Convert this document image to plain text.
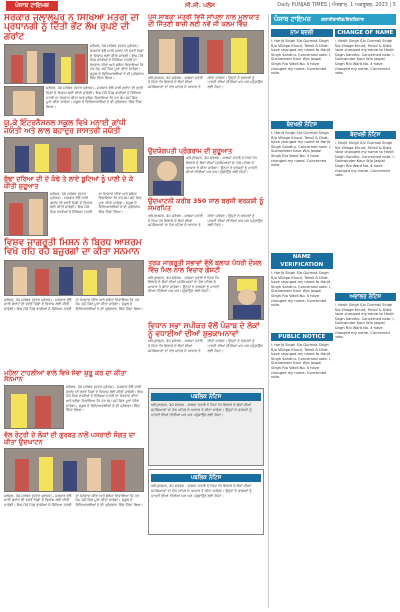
ਪੰਜਾਬ ਟਾਇਮਜ਼	ਸੀ.ਜੀ. ਪਲੱਸ	Daily PUNJAB TIMES | ਐਤਵਾਰ, 1 ਅਕਤੂਬਰ, 2023 | 5
ਸਰਕਾਰ ਜਲਾਲਪੁਰ ਨੇ ਸਿੱਖਿਆ ਮੰਤਰੀ ਦੀ ਪ੍ਰਧਾਨਗੀ ਨੂੰ ਦਿੱਤੀ ਭੇਂਟ ਲੱਖ ਰੁਪਏ ਦੀ ਗਰਾਂਟ
ਜਲੰਧਰ, 30 ਸਤੰਬਰ (ਪੱਤਰ ਪ੍ਰੇਰਕ) - ਸਰਕਾਰ ਵੱਲੋਂ ਜਾਰੀ ਗਰਾਂਟ ਦੀ ਵਰਤੋਂ ਪਿੰਡਾਂ ਦੇ ਵਿਕਾਸ ਲਈ ਕੀਤੀ ਜਾਵੇਗੀ। ਇਸ ਮੌਕੇ ਪਿੰਡ ਵਾਸੀਆਂ ਨੇ ਸਿੱਖਿਆ ਮੰਤਰੀ ਦਾ ਧੰਨਵਾਦ ਕੀਤਾ ਅਤੇ ਭਰੋਸਾ ਦਿਵਾਇਆ ਕਿ ਹਰ ਕੰਮ ਸਮੇਂ ਸਿਰ ਪੂਰਾ ਕੀਤਾ ਜਾਵੇਗਾ। ਸਕੂਲ ਦੇ ਵਿਦਿਆਰਥੀਆਂ ਨੇ ਵੀ ਪ੍ਰੋਗਰਾਮ ਵਿੱਚ ਹਿੱਸਾ ਲਿਆ।
ਜਲੰਧਰ, 30 ਸਤੰਬਰ (ਪੱਤਰ ਪ੍ਰੇਰਕ) - ਸਰਕਾਰ ਵੱਲੋਂ ਜਾਰੀ ਗਰਾਂਟ ਦੀ ਵਰਤੋਂ ਪਿੰਡਾਂ ਦੇ ਵਿਕਾਸ ਲਈ ਕੀਤੀ ਜਾਵੇਗੀ। ਇਸ ਮੌਕੇ ਪਿੰਡ ਵਾਸੀਆਂ ਨੇ ਸਿੱਖਿਆ ਮੰਤਰੀ ਦਾ ਧੰਨਵਾਦ ਕੀਤਾ ਅਤੇ ਭਰੋਸਾ ਦਿਵਾਇਆ ਕਿ ਹਰ ਕੰਮ ਸਮੇਂ ਸਿਰ ਪੂਰਾ ਕੀਤਾ ਜਾਵੇਗਾ। ਸਕੂਲ ਦੇ ਵਿਦਿਆਰਥੀਆਂ ਨੇ ਵੀ ਪ੍ਰੋਗਰਾਮ ਵਿੱਚ ਹਿੱਸਾ ਲਿਆ।
ਯੂ.ਕੇ ਇੰਟਰਨੈਸ਼ਨਲ ਸਕੂਲ ਵਿਖੇ ਮਨਾਈ ਗਾਂਧੀ ਜਯੰਤੀ ਅਤੇ ਲਾਲ ਬਹਾਦੁਰ ਸ਼ਾਸਤਰੀ ਜਯੰਤੀ
ਬੁੱਢਾ ਦਰਿਆ ਦੀ ਦੇ ਕੰਢੇ ਤੇ ਲਾਏ ਬੂਟਿਆਂ ਨੂੰ ਪਾਣੀ ਦੇ ਕੇ ਕੀਤੀ ਸ਼ੁਰੂਆਤ
ਜਲੰਧਰ, 30 ਸਤੰਬਰ (ਪੱਤਰ ਪ੍ਰੇਰਕ) - ਸਰਕਾਰ ਵੱਲੋਂ ਜਾਰੀ ਗਰਾਂਟ ਦੀ ਵਰਤੋਂ ਪਿੰਡਾਂ ਦੇ ਵਿਕਾਸ ਲਈ ਕੀਤੀ ਜਾਵੇਗੀ। ਇਸ ਮੌਕੇ ਪਿੰਡ ਵਾਸੀਆਂ ਨੇ ਸਿੱਖਿਆ ਮੰਤਰੀ ਦਾ ਧੰਨਵਾਦ ਕੀਤਾ ਅਤੇ ਭਰੋਸਾ ਦਿਵਾਇਆ ਕਿ ਹਰ ਕੰਮ ਸਮੇਂ ਸਿਰ ਪੂਰਾ ਕੀਤਾ ਜਾਵੇਗਾ। ਸਕੂਲ ਦੇ ਵਿਦਿਆਰਥੀਆਂ ਨੇ ਵੀ ਪ੍ਰੋਗਰਾਮ ਵਿੱਚ ਹਿੱਸਾ ਲਿਆ।
ਵਿਸ਼ਵ ਜਾਗਰੂਤੀ ਮਿਸ਼ਨ ਨੇ ਬਿਰਧ ਆਸ਼ਰਮ ਵਿਖੇ ਰਹਿ ਰਹੇ ਬਜ਼ੁਰਗਾਂ ਦਾ ਕੀਤਾ ਸਨਮਾਨ
ਜਲੰਧਰ, 30 ਸਤੰਬਰ (ਪੱਤਰ ਪ੍ਰੇਰਕ) - ਸਰਕਾਰ ਵੱਲੋਂ ਜਾਰੀ ਗਰਾਂਟ ਦੀ ਵਰਤੋਂ ਪਿੰਡਾਂ ਦੇ ਵਿਕਾਸ ਲਈ ਕੀਤੀ ਜਾਵੇਗੀ। ਇਸ ਮੌਕੇ ਪਿੰਡ ਵਾਸੀਆਂ ਨੇ ਸਿੱਖਿਆ ਮੰਤਰੀ ਦਾ ਧੰਨਵਾਦ ਕੀਤਾ ਅਤੇ ਭਰੋਸਾ ਦਿਵਾਇਆ ਕਿ ਹਰ ਕੰਮ ਸਮੇਂ ਸਿਰ ਪੂਰਾ ਕੀਤਾ ਜਾਵੇਗਾ। ਸਕੂਲ ਦੇ ਵਿਦਿਆਰਥੀਆਂ ਨੇ ਵੀ ਪ੍ਰੋਗਰਾਮ ਵਿੱਚ ਹਿੱਸਾ ਲਿਆ।
ਮੁਹੱਲਾ ਟਾਹਲੀਆਂ ਵਾਲੇ ਵਿਖੇ ਸੇਵਾ ਸ਼ੁਰੂ ਕਰ ਦਾ ਕੀਤਾ ਸਨਮਾਨ
ਜਲੰਧਰ, 30 ਸਤੰਬਰ (ਪੱਤਰ ਪ੍ਰੇਰਕ) - ਸਰਕਾਰ ਵੱਲੋਂ ਜਾਰੀ ਗਰਾਂਟ ਦੀ ਵਰਤੋਂ ਪਿੰਡਾਂ ਦੇ ਵਿਕਾਸ ਲਈ ਕੀਤੀ ਜਾਵੇਗੀ। ਇਸ ਮੌਕੇ ਪਿੰਡ ਵਾਸੀਆਂ ਨੇ ਸਿੱਖਿਆ ਮੰਤਰੀ ਦਾ ਧੰਨਵਾਦ ਕੀਤਾ ਅਤੇ ਭਰੋਸਾ ਦਿਵਾਇਆ ਕਿ ਹਰ ਕੰਮ ਸਮੇਂ ਸਿਰ ਪੂਰਾ ਕੀਤਾ ਜਾਵੇਗਾ। ਸਕੂਲ ਦੇ ਵਿਦਿਆਰਥੀਆਂ ਨੇ ਵੀ ਪ੍ਰੋਗਰਾਮ ਵਿੱਚ ਹਿੱਸਾ ਲਿਆ।
ਵੱਲ ਰੋਟਰੀ ਦੇ ਲੋਕਾਂ ਦੀ ਗੁਰਬਤ ਨਾਲੋਂ ਪਸਰਾਈ ਸੰਗਤ ਦਾ ਕੀਤਾ ਉਦਘਾਟਨ
ਜਲੰਧਰ, 30 ਸਤੰਬਰ (ਪੱਤਰ ਪ੍ਰੇਰਕ) - ਸਰਕਾਰ ਵੱਲੋਂ ਜਾਰੀ ਗਰਾਂਟ ਦੀ ਵਰਤੋਂ ਪਿੰਡਾਂ ਦੇ ਵਿਕਾਸ ਲਈ ਕੀਤੀ ਜਾਵੇਗੀ। ਇਸ ਮੌਕੇ ਪਿੰਡ ਵਾਸੀਆਂ ਨੇ ਸਿੱਖਿਆ ਮੰਤਰੀ ਦਾ ਧੰਨਵਾਦ ਕੀਤਾ ਅਤੇ ਭਰੋਸਾ ਦਿਵਾਇਆ ਕਿ ਹਰ ਕੰਮ ਸਮੇਂ ਸਿਰ ਪੂਰਾ ਕੀਤਾ ਜਾਵੇਗਾ। ਸਕੂਲ ਦੇ ਵਿਦਿਆਰਥੀਆਂ ਨੇ ਵੀ ਪ੍ਰੋਗਰਾਮ ਵਿੱਚ ਹਿੱਸਾ ਲਿਆ।
ਪੁੱਜੇ ਸਾਬਕਾ ਮੰਤਰੀ ਵਿਜੈ ਸਾਂਪਲਾ ਨਾਲ ਮੁਲਾਕਾਤ ਦੀ ਜਿੱਤਣੀ ਬਾਜ਼ੀ ਲਈ ਨਵੇਂ ਜੀ ਕਲਮ ਵਿੱਚ
ਅੰਮ੍ਰਿਤਸਰ, 30 ਸਤੰਬਰ - ਸਾਬਕਾ ਮੰਤਰੀ ਨੇ ਕਿਹਾ ਕਿ ਇਲਾਕੇ ਦੇ ਲੋਕਾਂ ਦੀਆਂ ਸਮੱਸਿਆਵਾਂ ਦਾ ਹੱਲ ਪਹਿਲ ਦੇ ਆਧਾਰ ਤੇ ਕੀਤਾ ਜਾਵੇਗਾ। ਉਨ੍ਹਾਂ ਨੇ ਵਰਕਰਾਂ ਨੂੰ ਪਾਰਟੀ ਦੀਆਂ ਨੀਤੀਆਂ ਘਰ ਘਰ ਪਹੁੰਚਾਉਣ ਲਈ ਕਿਹਾ।
ਉਦਯੋਗਪਤੀ ਪ੍ਰੋਗਰਾਮ ਦੀ ਸ਼ੁਰੂਆਤ
ਅੰਮ੍ਰਿਤਸਰ, 30 ਸਤੰਬਰ - ਸਾਬਕਾ ਮੰਤਰੀ ਨੇ ਕਿਹਾ ਕਿ ਇਲਾਕੇ ਦੇ ਲੋਕਾਂ ਦੀਆਂ ਸਮੱਸਿਆਵਾਂ ਦਾ ਹੱਲ ਪਹਿਲ ਦੇ ਆਧਾਰ ਤੇ ਕੀਤਾ ਜਾਵੇਗਾ। ਉਨ੍ਹਾਂ ਨੇ ਵਰਕਰਾਂ ਨੂੰ ਪਾਰਟੀ ਦੀਆਂ ਨੀਤੀਆਂ ਘਰ ਘਰ ਪਹੁੰਚਾਉਣ ਲਈ ਕਿਹਾ।
ਉਦਘਾਟਨੀ ਕਰੀਬ 350 ਸਾਲ ਬਰਸੀ ਵਰਕਸ਼ੀ ਨੂੰ ਸਮਰਪਿਤ
ਅੰਮ੍ਰਿਤਸਰ, 30 ਸਤੰਬਰ - ਸਾਬਕਾ ਮੰਤਰੀ ਨੇ ਕਿਹਾ ਕਿ ਇਲਾਕੇ ਦੇ ਲੋਕਾਂ ਦੀਆਂ ਸਮੱਸਿਆਵਾਂ ਦਾ ਹੱਲ ਪਹਿਲ ਦੇ ਆਧਾਰ ਤੇ ਕੀਤਾ ਜਾਵੇਗਾ। ਉਨ੍ਹਾਂ ਨੇ ਵਰਕਰਾਂ ਨੂੰ ਪਾਰਟੀ ਦੀਆਂ ਨੀਤੀਆਂ ਘਰ ਘਰ ਪਹੁੰਚਾਉਣ ਲਈ ਕਿਹਾ।
ਤਰਕ ਜਾਗਰੂਤੀ ਸਭਾਵਾਂ ਵੱਲੋਂ ਬਲਾਕ ਪੱਧਰੀ ਦੋਸ਼ਲ ਵਿੱਚ ਮਿਲ ਨਾਲ ਵਿਚਾਰ ਗੋਸ਼ਟੀ
ਅੰਮ੍ਰਿਤਸਰ, 30 ਸਤੰਬਰ - ਸਾਬਕਾ ਮੰਤਰੀ ਨੇ ਕਿਹਾ ਕਿ ਇਲਾਕੇ ਦੇ ਲੋਕਾਂ ਦੀਆਂ ਸਮੱਸਿਆਵਾਂ ਦਾ ਹੱਲ ਪਹਿਲ ਦੇ ਆਧਾਰ ਤੇ ਕੀਤਾ ਜਾਵੇਗਾ। ਉਨ੍ਹਾਂ ਨੇ ਵਰਕਰਾਂ ਨੂੰ ਪਾਰਟੀ ਦੀਆਂ ਨੀਤੀਆਂ ਘਰ ਘਰ ਪਹੁੰਚਾਉਣ ਲਈ ਕਿਹਾ।
ਵਿਧਾਨ ਸਭਾ ਸਪੀਕਰ ਵੱਲੋਂ ਪੰਜਾਬ ਦੇ ਲੋਕਾਂ ਨੂੰ ਵਧਾਈਆਂ ਦੀਆਂ ਸ਼ੁਭਕਾਮਨਾਵਾਂ
ਅੰਮ੍ਰਿਤਸਰ, 30 ਸਤੰਬਰ - ਸਾਬਕਾ ਮੰਤਰੀ ਨੇ ਕਿਹਾ ਕਿ ਇਲਾਕੇ ਦੇ ਲੋਕਾਂ ਦੀਆਂ ਸਮੱਸਿਆਵਾਂ ਦਾ ਹੱਲ ਪਹਿਲ ਦੇ ਆਧਾਰ ਤੇ ਕੀਤਾ ਜਾਵੇਗਾ। ਉਨ੍ਹਾਂ ਨੇ ਵਰਕਰਾਂ ਨੂੰ ਪਾਰਟੀ ਦੀਆਂ ਨੀਤੀਆਂ ਘਰ ਘਰ ਪਹੁੰਚਾਉਣ ਲਈ ਕਿਹਾ।
ਪਬਲਿਕ ਨੋਟਿਸ
ਅੰਮ੍ਰਿਤਸਰ, 30 ਸਤੰਬਰ - ਸਾਬਕਾ ਮੰਤਰੀ ਨੇ ਕਿਹਾ ਕਿ ਇਲਾਕੇ ਦੇ ਲੋਕਾਂ ਦੀਆਂ ਸਮੱਸਿਆਵਾਂ ਦਾ ਹੱਲ ਪਹਿਲ ਦੇ ਆਧਾਰ ਤੇ ਕੀਤਾ ਜਾਵੇਗਾ। ਉਨ੍ਹਾਂ ਨੇ ਵਰਕਰਾਂ ਨੂੰ ਪਾਰਟੀ ਦੀਆਂ ਨੀਤੀਆਂ ਘਰ ਘਰ ਪਹੁੰਚਾਉਣ ਲਈ ਕਿਹਾ।
ਪਬਲਿਕ ਨੋਟਿਸ
ਅੰਮ੍ਰਿਤਸਰ, 30 ਸਤੰਬਰ - ਸਾਬਕਾ ਮੰਤਰੀ ਨੇ ਕਿਹਾ ਕਿ ਇਲਾਕੇ ਦੇ ਲੋਕਾਂ ਦੀਆਂ ਸਮੱਸਿਆਵਾਂ ਦਾ ਹੱਲ ਪਹਿਲ ਦੇ ਆਧਾਰ ਤੇ ਕੀਤਾ ਜਾਵੇਗਾ। ਉਨ੍ਹਾਂ ਨੇ ਵਰਕਰਾਂ ਨੂੰ ਪਾਰਟੀ ਦੀਆਂ ਨੀਤੀਆਂ ਘਰ ਘਰ ਪਹੁੰਚਾਉਣ ਲਈ ਕਿਹਾ।
ਪੰਜਾਬ ਟਾਇਮਜ਼ ਕਲਾਸੀਫਾਈਡ/ਇਸ਼ਤਿਹਾਰ
ਨਾਮ ਬਦਲੀ
I, Harjit Singh S/o Gurmail Singh R/o Village Khurd, Tehsil & Distt. have changed my name to Harjit Singh Sandhu. Concerned note. I, Sukhwinder Kaur W/o Jaspal Singh R/o Ward No. 4 have changed my name. Concerned note.
ਬੇਦਖਲੀ ਨੋਟਿਸ
I, Harjit Singh S/o Gurmail Singh R/o Village Khurd, Tehsil & Distt. have changed my name to Harjit Singh Sandhu. Concerned note. I, Sukhwinder Kaur W/o Jaspal Singh R/o Ward No. 4 have changed my name. Concerned note.
NAME VERIFICATION
I, Harjit Singh S/o Gurmail Singh R/o Village Khurd, Tehsil & Distt. have changed my name to Harjit Singh Sandhu. Concerned note. I, Sukhwinder Kaur W/o Jaspal Singh R/o Ward No. 4 have changed my name. Concerned note.
PUBLIC NOTICE
I, Harjit Singh S/o Gurmail Singh R/o Village Khurd, Tehsil & Distt. have changed my name to Harjit Singh Sandhu. Concerned note. I, Sukhwinder Kaur W/o Jaspal Singh R/o Ward No. 4 have changed my name. Concerned note.
CHANGE OF NAME
I, Harjit Singh S/o Gurmail Singh R/o Village Khurd, Tehsil & Distt. have changed my name to Harjit Singh Sandhu. Concerned note. I, Sukhwinder Kaur W/o Jaspal Singh R/o Ward No. 4 have changed my name. Concerned note.
ਬੇਦਖਲੀ ਨੋਟਿਸ
I, Harjit Singh S/o Gurmail Singh R/o Village Khurd, Tehsil & Distt. have changed my name to Harjit Singh Sandhu. Concerned note. I, Sukhwinder Kaur W/o Jaspal Singh R/o Ward No. 4 have changed my name. Concerned note.
ਅਦਾਲਤ ਨੋਟਿਸ
I, Harjit Singh S/o Gurmail Singh R/o Village Khurd, Tehsil & Distt. have changed my name to Harjit Singh Sandhu. Concerned note. I, Sukhwinder Kaur W/o Jaspal Singh R/o Ward No. 4 have changed my name. Concerned note.
